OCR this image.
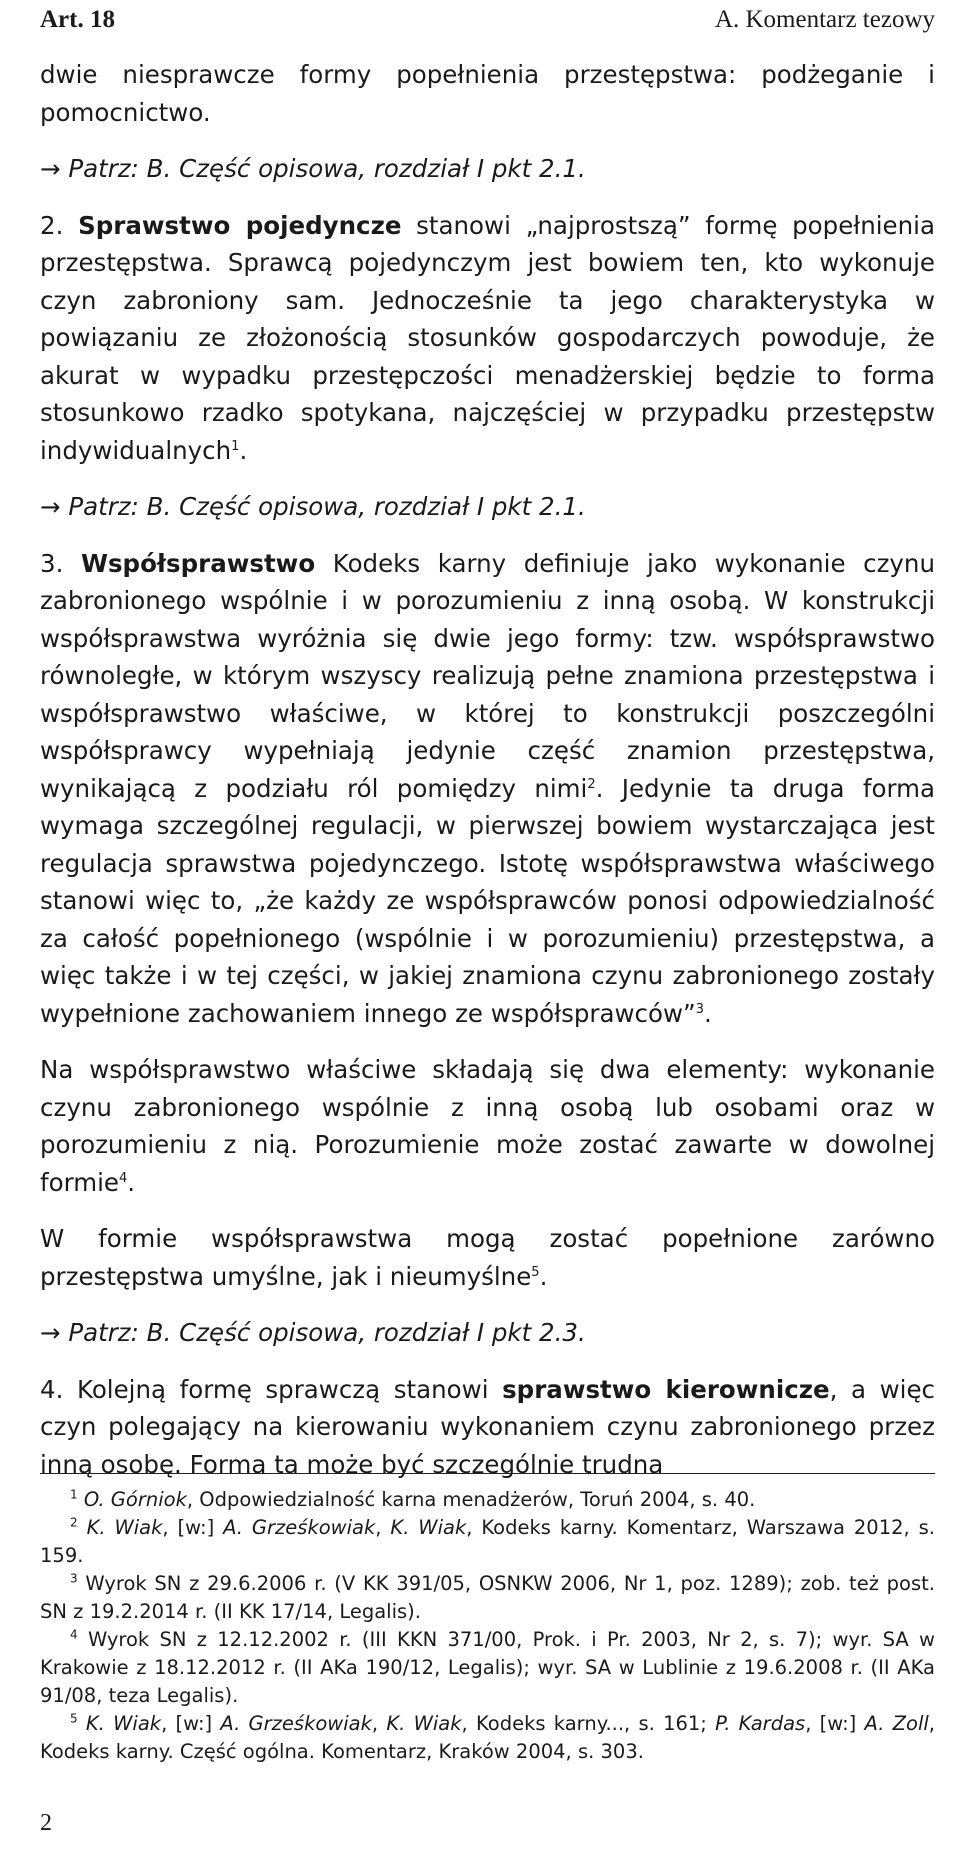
Art. 18	A. Komentarz tezowy

dwie niesprawcze formy popełnienia przestępstwa: podżeganie i pomocnictwo.

→ Patrz: B. Część opisowa, rozdział I pkt 2.1.

2. Sprawstwo pojedyncze stanowi „najprostszą” formę popełnienia przestępstwa. Sprawcą pojedynczym jest bowiem ten, kto wykonuje czyn zabroniony sam. Jednocześnie ta jego charakterystyka w powiązaniu ze złożonością stosunków gospodarczych powoduje, że akurat w wypadku przestępczości menadżerskiej będzie to forma stosunkowo rzadko spotykana, najczęściej w przypadku przestępstw indywidualnych$^1$.

→ Patrz: B. Część opisowa, rozdział I pkt 2.1.

3. Współsprawstwo Kodeks karny definiuje jako wykonanie czynu zabronionego wspólnie i w porozumieniu z inną osobą. W konstrukcji współsprawstwa wyróżnia się dwie jego formy: tzw. współsprawstwo równoległe, w którym wszyscy realizują pełne znamiona przestępstwa i współsprawstwo właściwe, w której to konstrukcji poszczególni współsprawcy wypełniają jedynie część znamion przestępstwa, wynikającą z podziału ról pomiędzy nimi$^2$. Jedynie ta druga forma wymaga szczególnej regulacji, w pierwszej bowiem wystarczająca jest regulacja sprawstwa pojedynczego. Istotę współsprawstwa właściwego stanowi więc to, „że każdy ze współsprawców ponosi odpowiedzialność za całość popełnionego (wspólnie i w porozumieniu) przestępstwa, a więc także i w tej części, w jakiej znamiona czynu zabronionego zostały wypełnione zachowaniem innego ze współsprawców”$^3$.

Na współsprawstwo właściwe składają się dwa elementy: wykonanie czynu zabronionego wspólnie z inną osobą lub osobami oraz w porozumieniu z nią. Porozumienie może zostać zawarte w dowolnej formie$^4$.

W formie współsprawstwa mogą zostać popełnione zarówno przestępstwa umyślne, jak i nieumyślne$^5$.

→ Patrz: B. Część opisowa, rozdział I pkt 2.3.

4. Kolejną formę sprawczą stanowi sprawstwo kierownicze, a więc czyn polegający na kierowaniu wykonaniem czynu zabronionego przez inną osobę. Forma ta może być szczególnie trudna

$^1$ O. Górniok, Odpowiedzialność karna menadżerów, Toruń 2004, s. 40.

$^2$ K. Wiak, [w:] A. Grześkowiak, K. Wiak, Kodeks karny. Komentarz, Warszawa 2012, s. 159.

$^3$ Wyrok SN z 29.6.2006 r. (V KK 391/05, OSNKW 2006, Nr 1, poz. 1289); zob. też post. SN z 19.2.2014 r. (II KK 17/14, Legalis).

$^4$ Wyrok SN z 12.12.2002 r. (III KKN 371/00, Prok. i Pr. 2003, Nr 2, s. 7); wyr. SA w Krakowie z 18.12.2012 r. (II AKa 190/12, Legalis); wyr. SA w Lublinie z 19.6.2008 r. (II AKa 91/08, teza Legalis).

$^5$ K. Wiak, [w:] A. Grześkowiak, K. Wiak, Kodeks karny..., s. 161; P. Kardas, [w:] A. Zoll, Kodeks karny. Część ogólna. Komentarz, Kraków 2004, s. 303.

2
